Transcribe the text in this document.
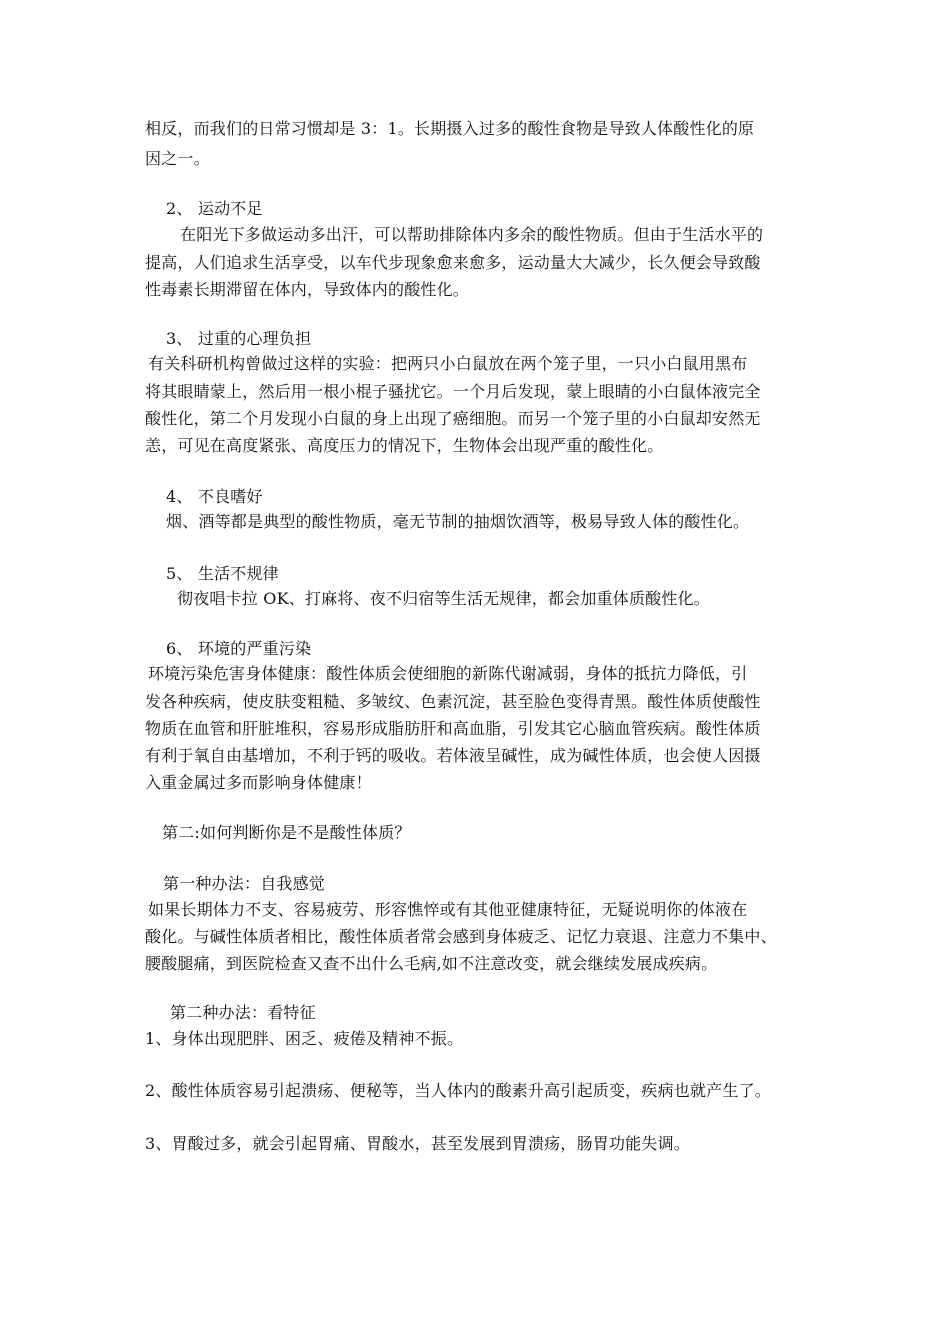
相反，而我们的日常习惯却是 3：1。长期摄入过多的酸性食物是导致人体酸性化的原
因之一。
2、 运动不足
在阳光下多做运动多出汗，可以帮助排除体内多余的酸性物质。但由于生活水平的
提高，人们追求生活享受，以车代步现象愈来愈多，运动量大大减少，长久便会导致酸
性毒素长期滞留在体内，导致体内的酸性化。
3、 过重的心理负担
有关科研机构曾做过这样的实验：把两只小白鼠放在两个笼子里，一只小白鼠用黑布
将其眼睛蒙上，然后用一根小棍子骚扰它。一个月后发现，蒙上眼睛的小白鼠体液完全
酸性化，第二个月发现小白鼠的身上出现了癌细胞。而另一个笼子里的小白鼠却安然无
恙，可见在高度紧张、高度压力的情况下，生物体会出现严重的酸性化。
4、 不良嗜好
烟、酒等都是典型的酸性物质，毫无节制的抽烟饮酒等，极易导致人体的酸性化。
5、 生活不规律
彻夜唱卡拉 OK、打麻将、夜不归宿等生活无规律，都会加重体质酸性化。
6、 环境的严重污染
环境污染危害身体健康：酸性体质会使细胞的新陈代谢减弱，身体的抵抗力降低，引
发各种疾病，使皮肤变粗糙、多皱纹、色素沉淀，甚至脸色变得青黑。酸性体质使酸性
物质在血管和肝脏堆积，容易形成脂肪肝和高血脂，引发其它心脑血管疾病。酸性体质
有利于氧自由基增加，不利于钙的吸收。若体液呈碱性，成为碱性体质，也会使人因摄
入重金属过多而影响身体健康！
第二:如何判断你是不是酸性体质？
第一种办法：自我感觉
如果长期体力不支、容易疲劳、形容憔悴或有其他亚健康特征，无疑说明你的体液在
酸化。与碱性体质者相比，酸性体质者常会感到身体疲乏、记忆力衰退、注意力不集中、
腰酸腿痛，到医院检查又查不出什么毛病,如不注意改变，就会继续发展成疾病。
第二种办法：看特征
1、身体出现肥胖、困乏、疲倦及精神不振。
2、酸性体质容易引起溃疡、便秘等，当人体内的酸素升高引起质变，疾病也就产生了。
3、胃酸过多，就会引起胃痛、胃酸水，甚至发展到胃溃疡，肠胃功能失调。
